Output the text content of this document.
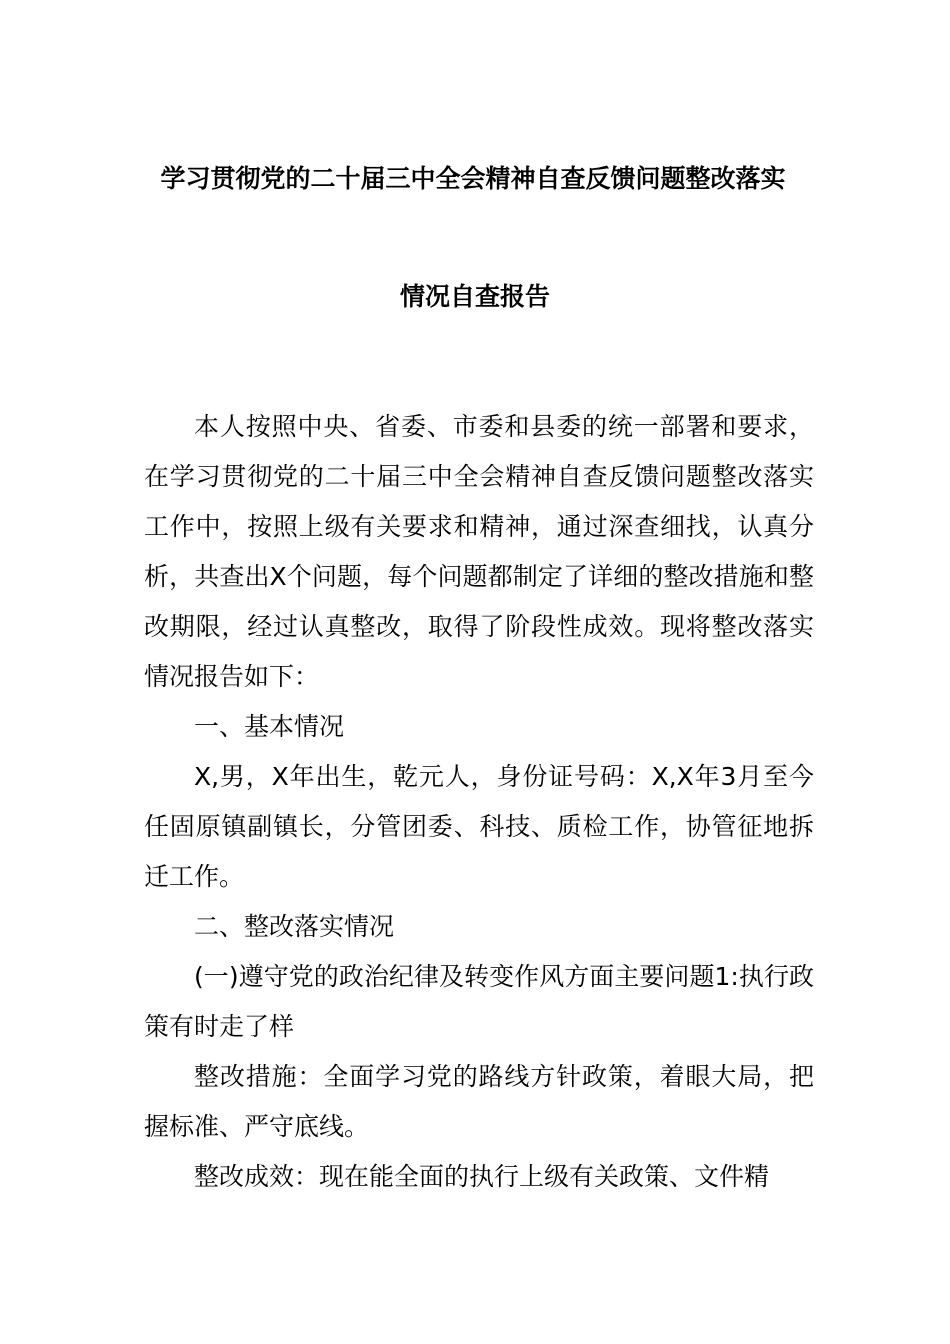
学习贯彻党的二十届三中全会精神自查反馈问题整改落实
情况自查报告

本人按照中央、省委、市委和县委的统一部署和要求，在学习贯彻党的二十届三中全会精神自查反馈问题整改落实工作中，按照上级有关要求和精神，通过深查细找，认真分析，共查出X个问题，每个问题都制定了详细的整改措施和整改期限，经过认真整改，取得了阶段性成效。现将整改落实情况报告如下：

一、基本情况

X,男，X年出生，乾元人，身份证号码：X,X年3月至今任固原镇副镇长，分管团委、科技、质检工作，协管征地拆迁工作。

二、整改落实情况

(一)遵守党的政治纪律及转变作风方面主要问题1:执行政策有时走了样

整改措施：全面学习党的路线方针政策，着眼大局，把握标准、严守底线。

整改成效：现在能全面的执行上级有关政策、文件精
